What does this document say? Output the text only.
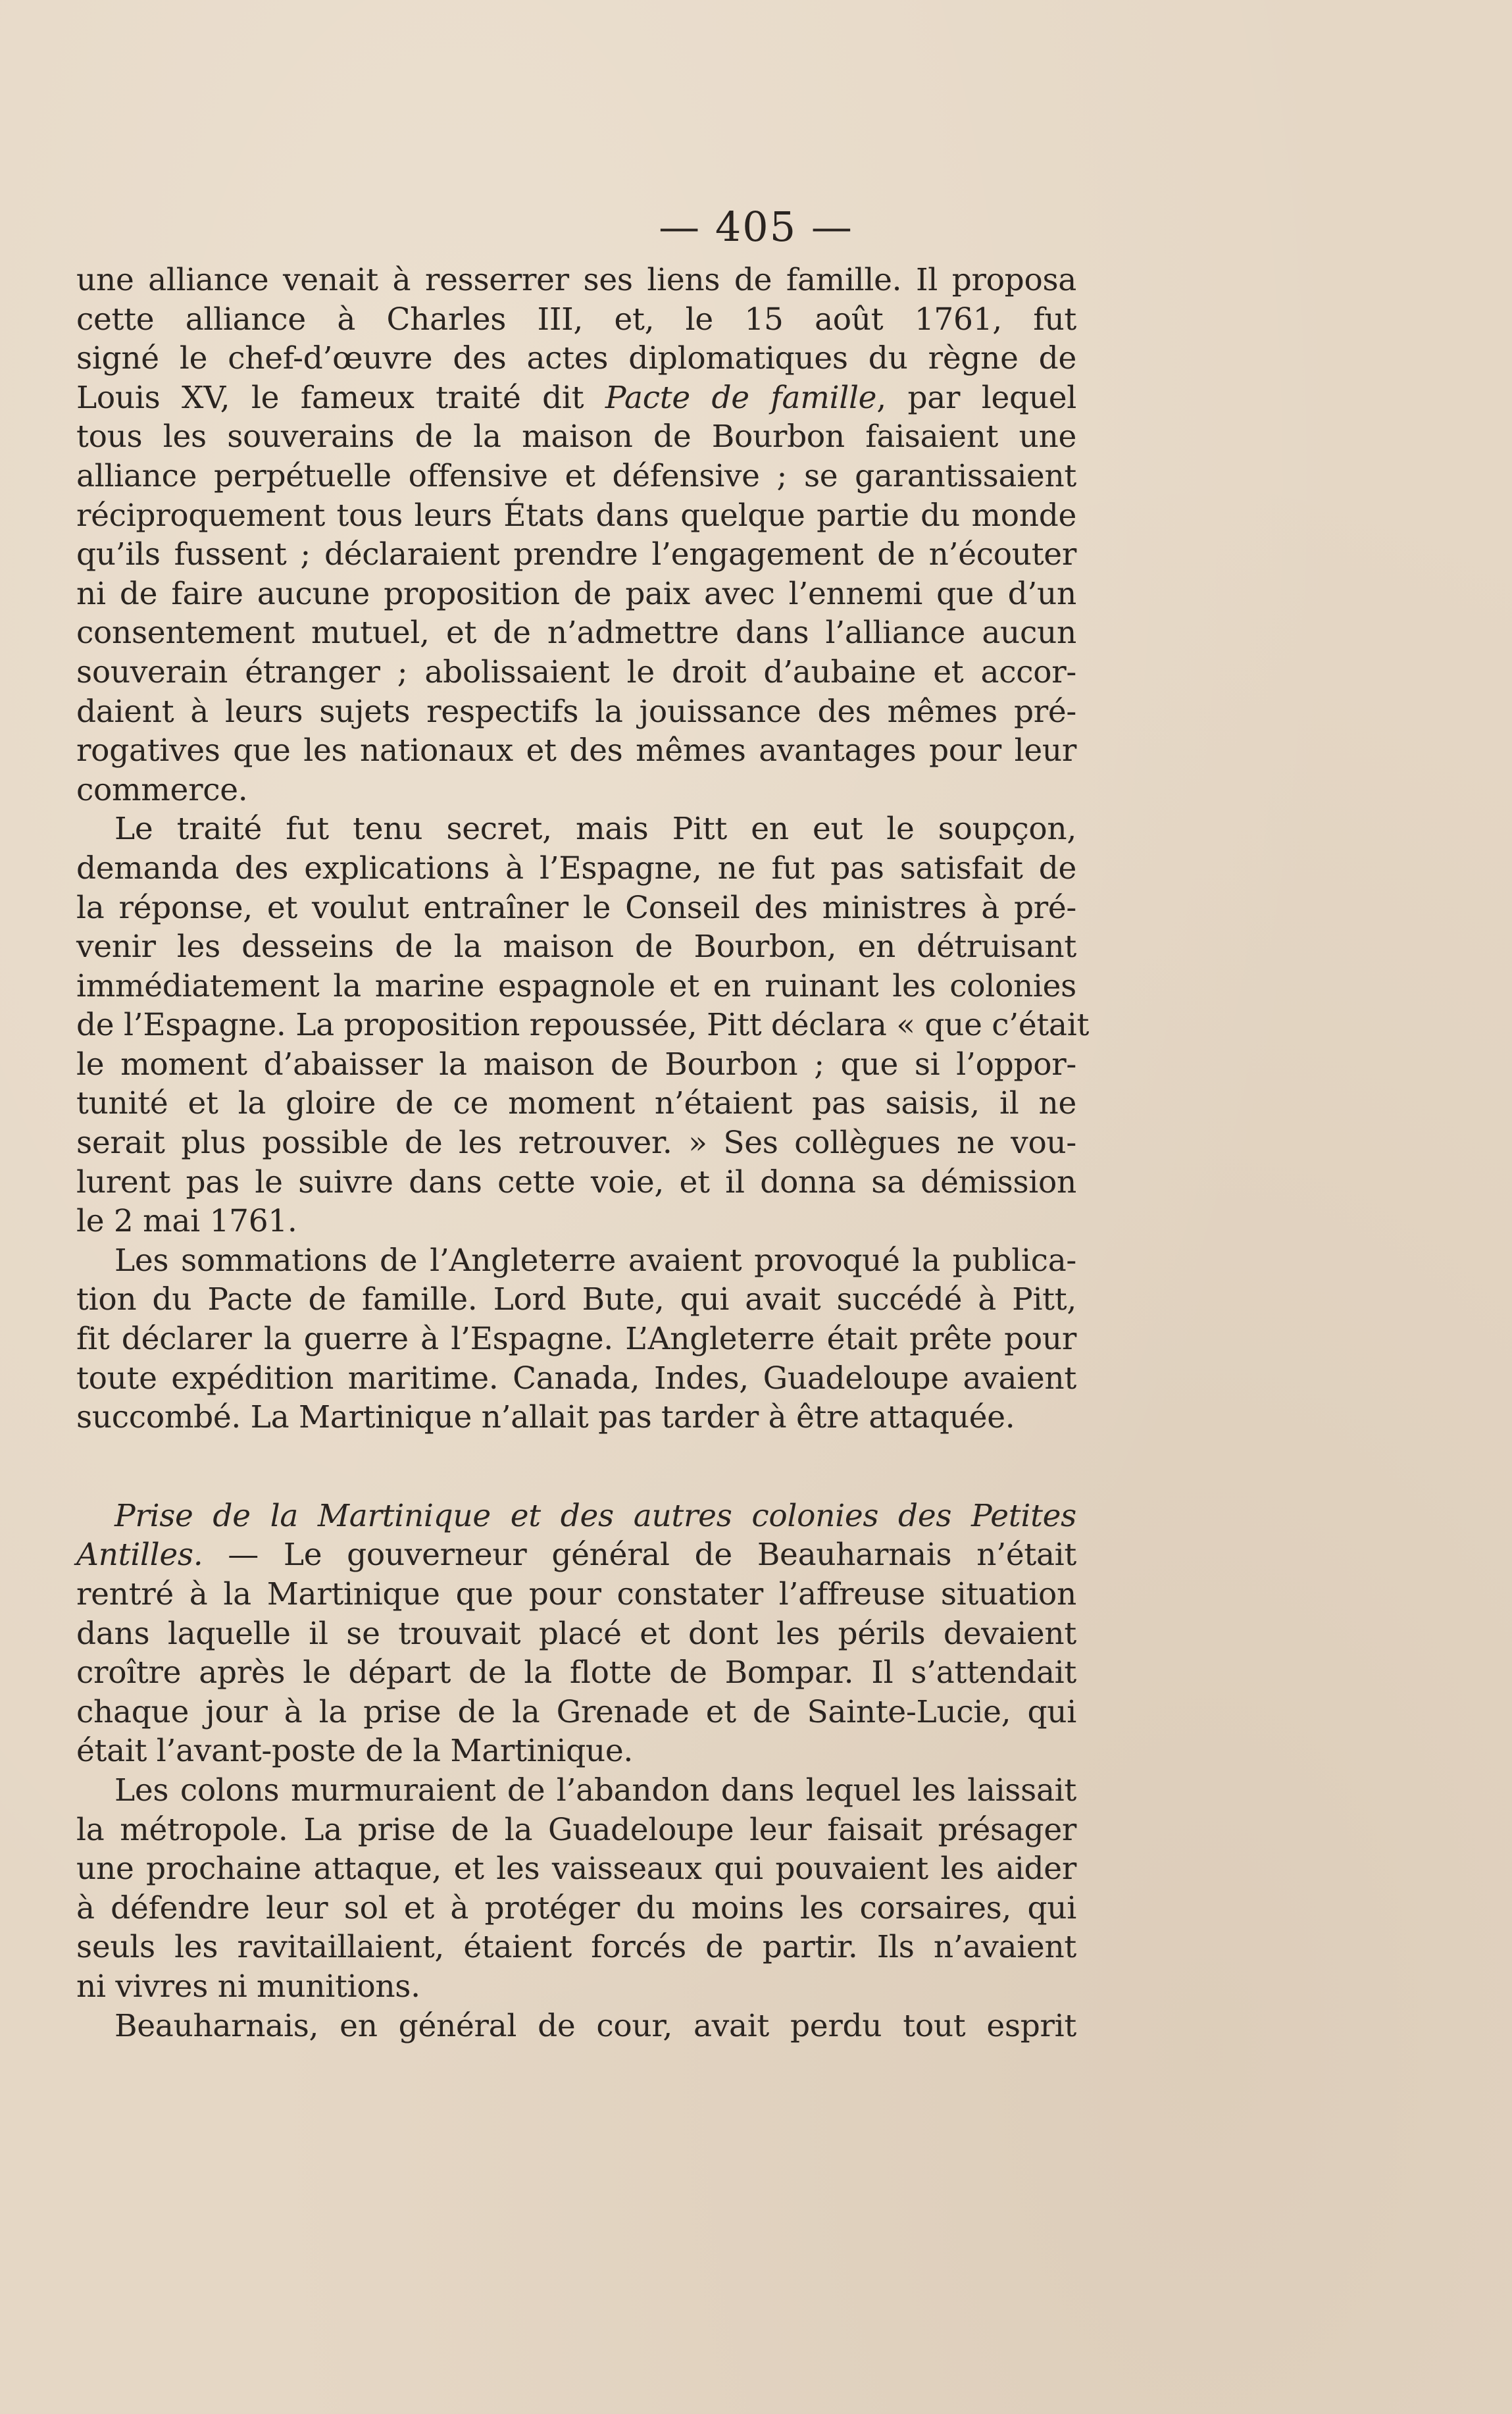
— 405 —
une alliance venait à resserrer ses liens de famille. Il proposa
cette alliance à Charles III, et, le 15 août 1761, fut
signé le chef-d’œuvre des actes diplomatiques du règne de
Louis XV, le fameux traité dit Pacte de famille, par lequel
tous les souverains de la maison de Bourbon faisaient une
alliance perpétuelle offensive et défensive ; se garantissaient
réciproquement tous leurs États dans quelque partie du monde
qu’ils fussent ; déclaraient prendre l’engagement de n’écouter
ni de faire aucune proposition de paix avec l’ennemi que d’un
consentement mutuel, et de n’admettre dans l’alliance aucun
souverain étranger ; abolissaient le droit d’aubaine et accor-
daient à leurs sujets respectifs la jouissance des mêmes pré-
rogatives que les nationaux et des mêmes avantages pour leur
commerce.
Le traité fut tenu secret, mais Pitt en eut le soupçon,
demanda des explications à l’Espagne, ne fut pas satisfait de
la réponse, et voulut entraîner le Conseil des ministres à pré-
venir les desseins de la maison de Bourbon, en détruisant
immédiatement la marine espagnole et en ruinant les colonies
de l’Espagne. La proposition repoussée, Pitt déclara « que c’était
le moment d’abaisser la maison de Bourbon ; que si l’oppor-
tunité et la gloire de ce moment n’étaient pas saisis, il ne
serait plus possible de les retrouver. » Ses collègues ne vou-
lurent pas le suivre dans cette voie, et il donna sa démission
le 2 mai 1761.
Les sommations de l’Angleterre avaient provoqué la publica-
tion du Pacte de famille. Lord Bute, qui avait succédé à Pitt,
fit déclarer la guerre à l’Espagne. L’Angleterre était prête pour
toute expédition maritime. Canada, Indes, Guadeloupe avaient
succombé. La Martinique n’allait pas tarder à être attaquée.
Prise de la Martinique et des autres colonies des Petites
Antilles. — Le gouverneur général de Beauharnais n’était
rentré à la Martinique que pour constater l’affreuse situation
dans laquelle il se trouvait placé et dont les périls devaient
croître après le départ de la flotte de Bompar. Il s’attendait
chaque jour à la prise de la Grenade et de Sainte-Lucie, qui
était l’avant-poste de la Martinique.
Les colons murmuraient de l’abandon dans lequel les laissait
la métropole. La prise de la Guadeloupe leur faisait présager
une prochaine attaque, et les vaisseaux qui pouvaient les aider
à défendre leur sol et à protéger du moins les corsaires, qui
seuls les ravitaillaient, étaient forcés de partir. Ils n’avaient
ni vivres ni munitions.
Beauharnais, en général de cour, avait perdu tout esprit
